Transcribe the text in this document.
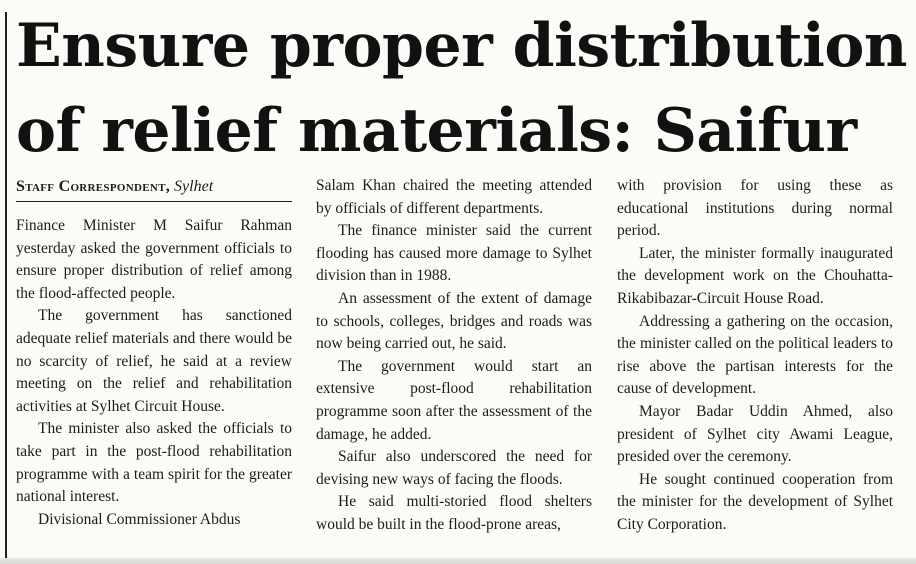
Ensure proper distribution
of relief materials: Saifur
Staff Correspondent, Sylhet

Finance Minister M Saifur Rahman yesterday asked the government officials to ensure proper distribution of relief among the flood-affected people.

The government has sanctioned adequate relief materials and there would be no scarcity of relief, he said at a review meeting on the relief and rehabilitation activities at Sylhet Circuit House.

The minister also asked the officials to take part in the post-flood rehabilitation programme with a team spirit for the greater national interest.

Divisional Commissioner Abdus

Salam Khan chaired the meeting attended by officials of different departments.

The finance minister said the current flooding has caused more damage to Sylhet division than in 1988.

An assessment of the extent of damage to schools, colleges, bridges and roads was now being carried out, he said.

The government would start an extensive post-flood rehabilitation programme soon after the assessment of the damage, he added.

Saifur also underscored the need for devising new ways of facing the floods.

He said multi-storied flood shelters would be built in the flood-prone areas,

with provision for using these as educational institutions during normal period.

Later, the minister formally inaugurated the development work on the Chouhatta-Rikabibazar-Circuit House Road.

Addressing a gathering on the occasion, the minister called on the political leaders to rise above the partisan interests for the cause of development.

Mayor Badar Uddin Ahmed, also president of Sylhet city Awami League, presided over the ceremony.

He sought continued cooperation from the minister for the development of Sylhet City Corporation.
